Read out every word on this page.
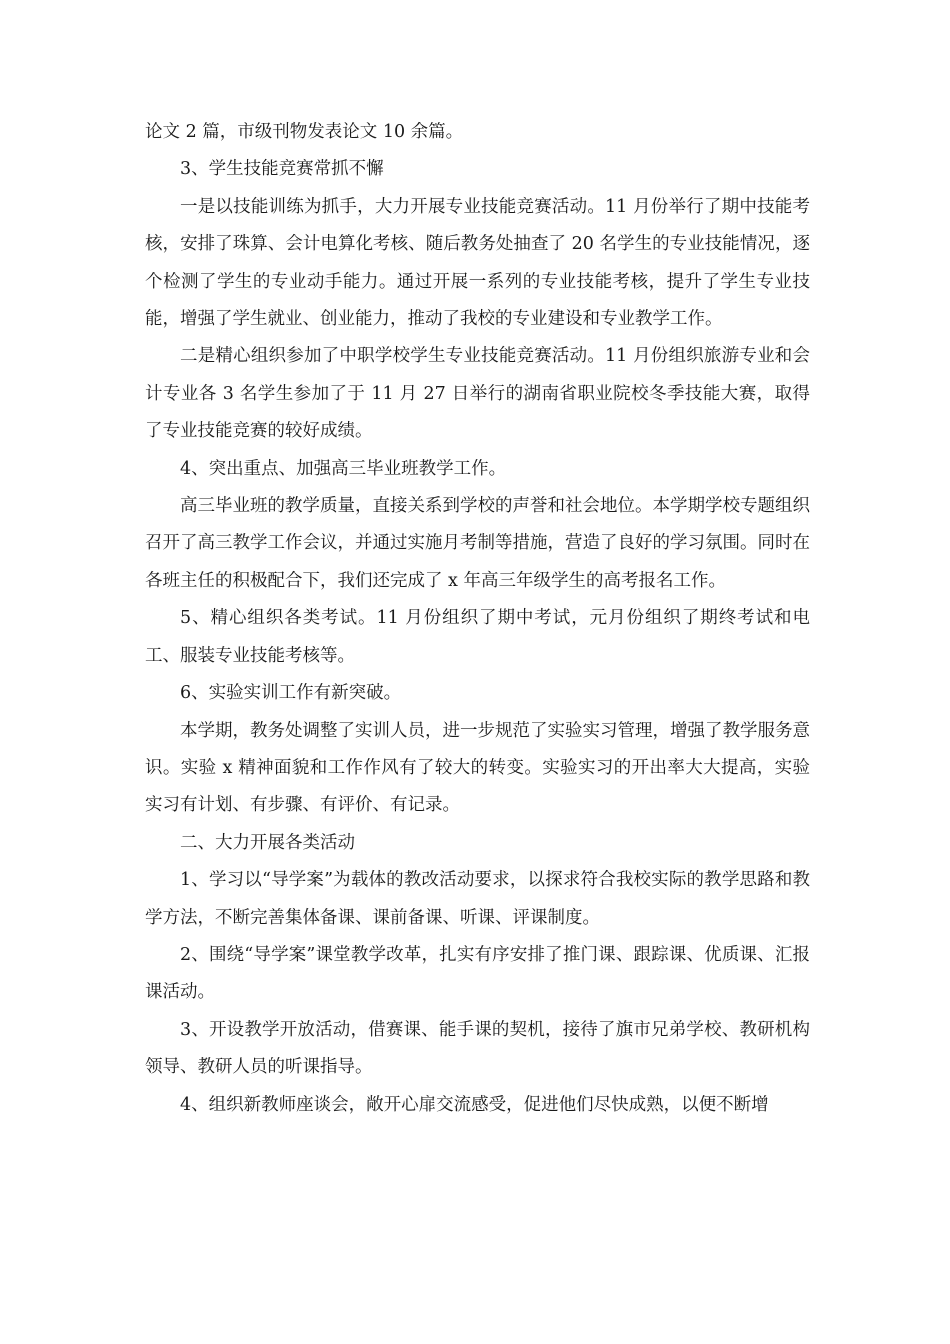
论文 2 篇，市级刊物发表论文 10 余篇。

3、学生技能竞赛常抓不懈

一是以技能训练为抓手，大力开展专业技能竞赛活动。11 月份举行了期中技能考核，安排了珠算、会计电算化考核、随后教务处抽查了 20 名学生的专业技能情况，逐个检测了学生的专业动手能力。通过开展一系列的专业技能考核，提升了学生专业技能，增强了学生就业、创业能力，推动了我校的专业建设和专业教学工作。

二是精心组织参加了中职学校学生专业技能竞赛活动。11 月份组织旅游专业和会计专业各 3 名学生参加了于 11 月 27 日举行的湖南省职业院校冬季技能大赛，取得了专业技能竞赛的较好成绩。

4、突出重点、加强高三毕业班教学工作。

高三毕业班的教学质量，直接关系到学校的声誉和社会地位。本学期学校专题组织召开了高三教学工作会议，并通过实施月考制等措施，营造了良好的学习氛围。同时在各班主任的积极配合下，我们还完成了 x 年高三年级学生的高考报名工作。

5、精心组织各类考试。11 月份组织了期中考试，元月份组织了期终考试和电工、服装专业技能考核等。

6、实验实训工作有新突破。

本学期，教务处调整了实训人员，进一步规范了实验实习管理，增强了教学服务意识。实验 x 精神面貌和工作作风有了较大的转变。实验实习的开出率大大提高，实验实习有计划、有步骤、有评价、有记录。

二、大力开展各类活动

1、学习以“导学案”为载体的教改活动要求，以探求符合我校实际的教学思路和教学方法，不断完善集体备课、课前备课、听课、评课制度。

2、围绕“导学案”课堂教学改革，扎实有序安排了推门课、跟踪课、优质课、汇报课活动。

3、开设教学开放活动，借赛课、能手课的契机，接待了旗市兄弟学校、教研机构领导、教研人员的听课指导。

4、组织新教师座谈会，敞开心扉交流感受，促进他们尽快成熟，以便不断增
